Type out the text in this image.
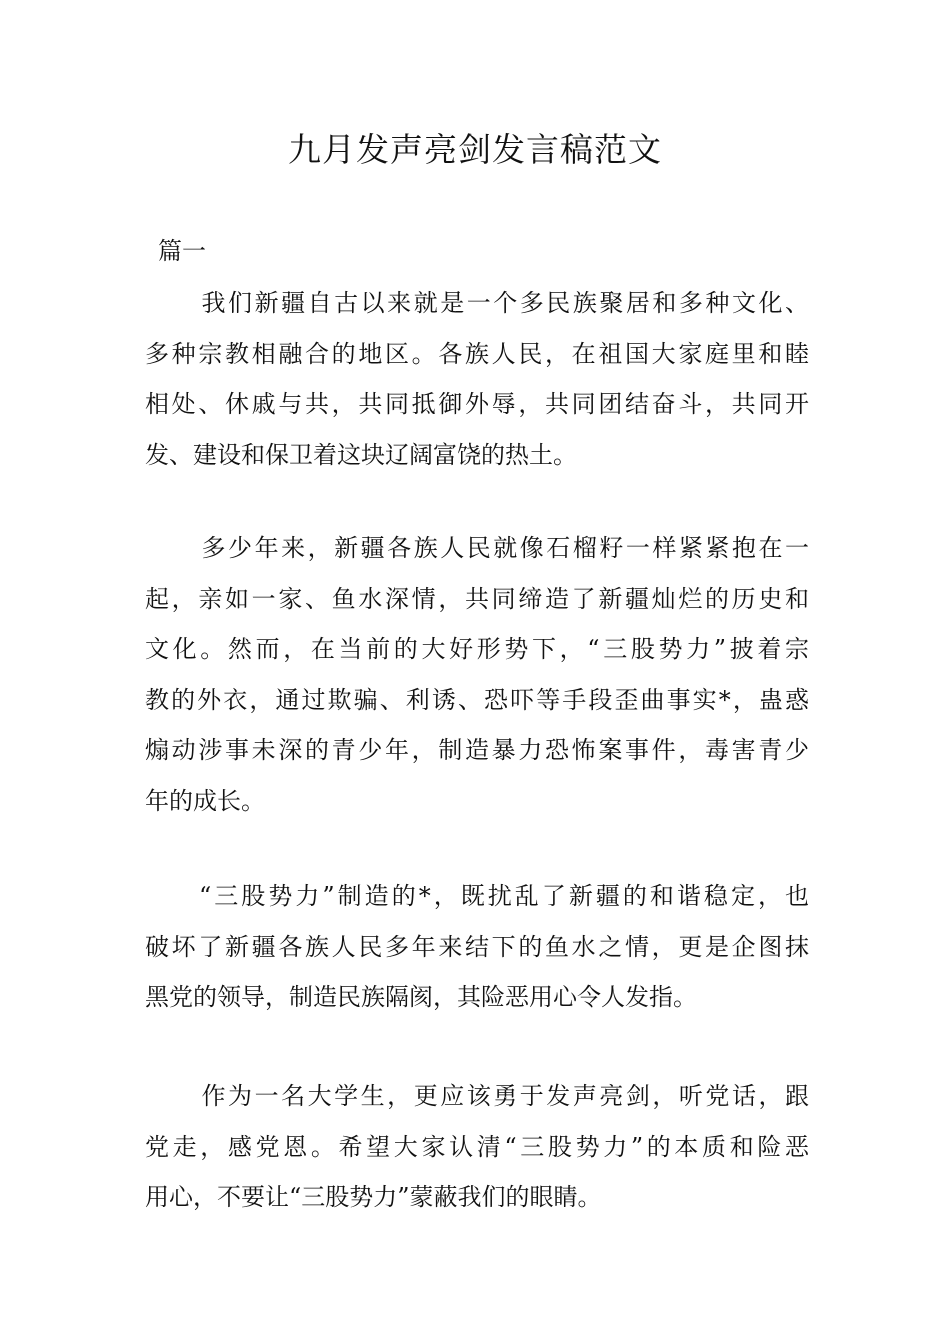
九月发声亮剑发言稿范文
篇一
我们新疆自古以来就是一个多民族聚居和多种文化、
多种宗教相融合的地区。各族人民，在祖国大家庭里和睦
相处、休戚与共，共同抵御外辱，共同团结奋斗，共同开
发、建设和保卫着这块辽阔富饶的热土。
多少年来，新疆各族人民就像石榴籽一样紧紧抱在一
起，亲如一家、鱼水深情，共同缔造了新疆灿烂的历史和
文化。然而，在当前的大好形势下，“三股势力”披着宗
教的外衣，通过欺骗、利诱、恐吓等手段歪曲事实*，蛊惑
煽动涉事未深的青少年，制造暴力恐怖案事件，毒害青少
年的成长。
“三股势力”制造的*，既扰乱了新疆的和谐稳定，也
破坏了新疆各族人民多年来结下的鱼水之情，更是企图抹
黑党的领导，制造民族隔阂，其险恶用心令人发指。
作为一名大学生，更应该勇于发声亮剑，听党话，跟
党走，感党恩。希望大家认清“三股势力”的本质和险恶
用心，不要让“三股势力”蒙蔽我们的眼睛。
